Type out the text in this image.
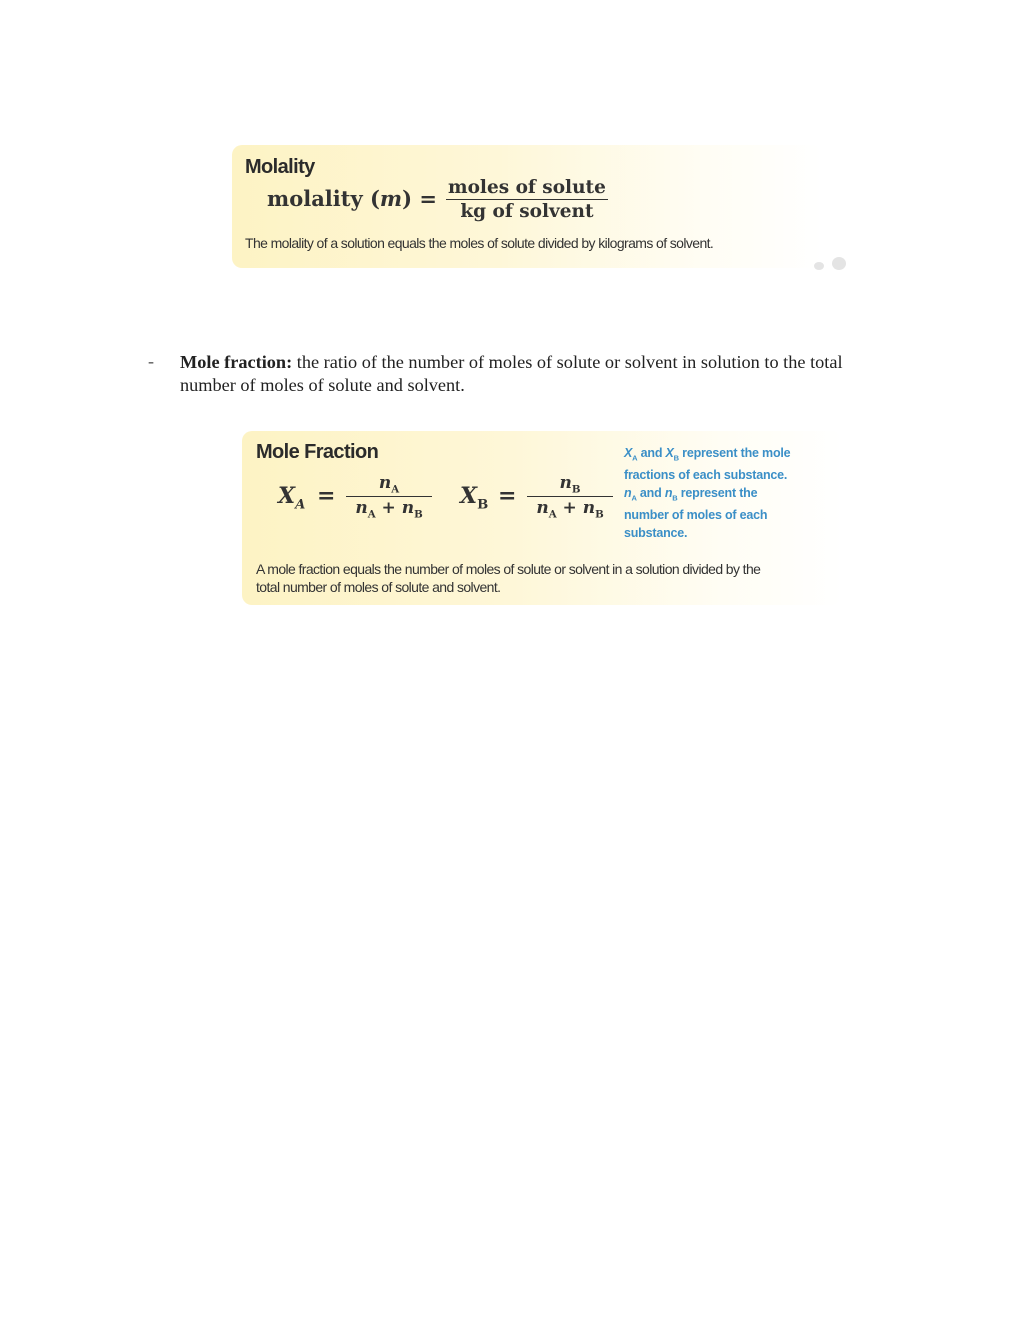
Molality
molality (m) = moles of solute
kg of solvent
The molality of a solution equals the moles of solute divided by kilograms of solvent.
- Mole fraction: the ratio of the number of moles of solute or solvent in solution to the total number of moles of solute and solvent.
Mole Fraction
$X_A = \frac{n_A}{n_A + n_B} X_B = \frac{n_B}{n_A + n_B}$
$X_A$ and $X_B$ represent the mole
fractions of each substance.
$n_A$ and $n_B$ represent the
number of moles of each
substance.
A mole fraction equals the number of moles of solute or solvent in a solution divided by the
total number of moles of solute and solvent.
